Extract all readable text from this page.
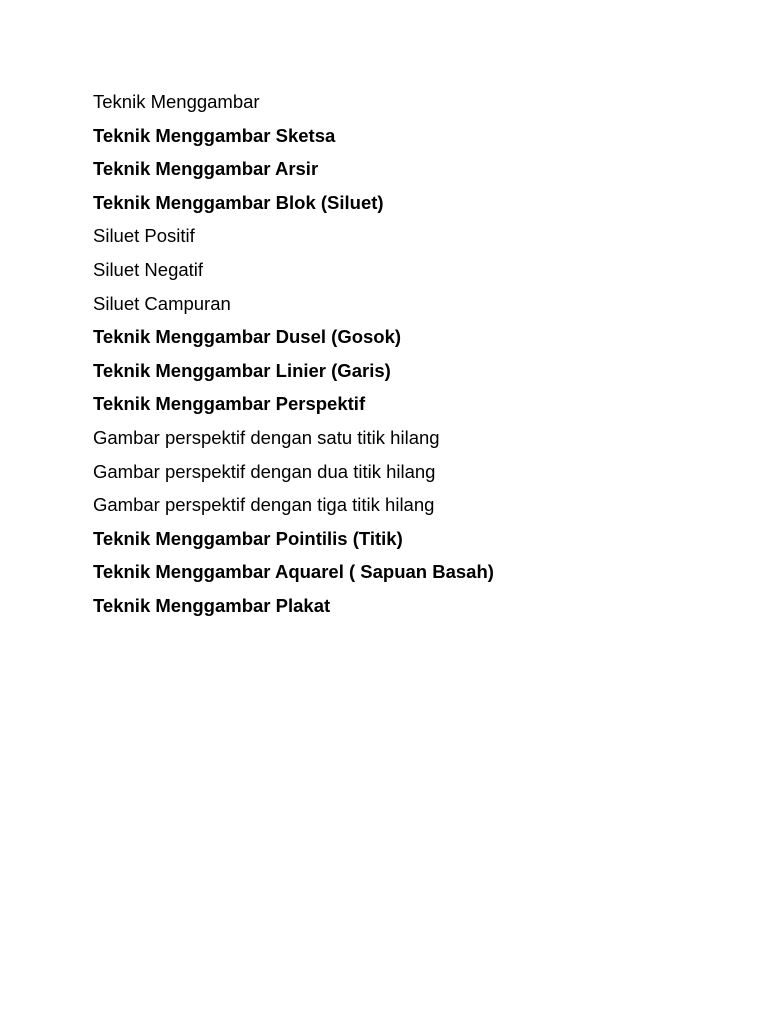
Teknik Menggambar
Teknik Menggambar Sketsa
Teknik Menggambar Arsir
Teknik Menggambar Blok (Siluet)
Siluet Positif
Siluet Negatif
Siluet Campuran
Teknik Menggambar Dusel (Gosok)
Teknik Menggambar Linier (Garis)
Teknik Menggambar Perspektif
Gambar perspektif dengan satu titik hilang
Gambar perspektif dengan dua titik hilang
Gambar perspektif dengan tiga titik hilang
Teknik Menggambar Pointilis (Titik)
Teknik Menggambar Aquarel ( Sapuan Basah)
Teknik Menggambar Plakat
